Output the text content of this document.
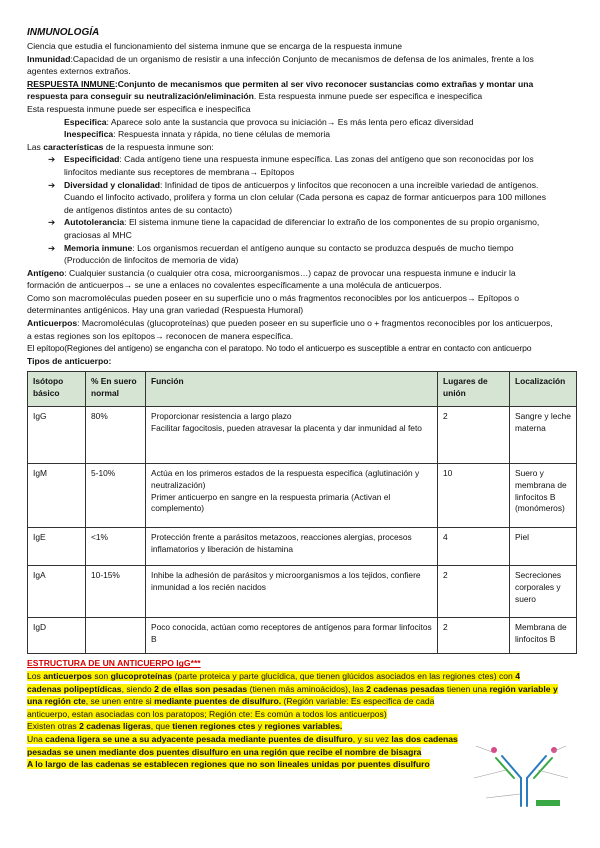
INMUNOLOGÍA
Ciencia que estudia el funcionamiento del sistema inmune que se encarga de la respuesta inmune
Inmunidad:Capacidad de un organismo de resistir a una infección Conjunto de mecanismos de defensa de los animales, frente a los
agentes externos extraños.
RESPUESTA INMUNE:Conjunto de mecanismos que permiten al ser vivo reconocer sustancias como extrañas y montar una
respuesta para conseguir su neutralización/eliminación. Esta respuesta inmune puede ser especifica e inespecifica
Esta respuesta inmune puede ser especifica e inespecifica
Especifica: Aparece solo ante la sustancia que provoca su iniciación→ Es más lenta pero eficaz diversidad
Inespecifica: Respuesta innata y rápida, no tiene células de memoria
Las características de la respuesta inmune son:
➔ Especificidad: Cada antígeno tiene una respuesta inmune específica. Las zonas del antígeno que son reconocidas por los
linfocitos mediante sus receptores de membrana→ Epítopos
➔ Diversidad y clonalidad: Infinidad de tipos de anticuerpos y linfocitos que reconocen a una increible variedad de antígenos.
Cuando el linfocito activado, prolifera y forma un clon celular (Cada persona es capaz de formar anticuerpos para 100 millones
de antígenos distintos antes de su contacto)
➔ Autotolerancia: El sistema inmune tiene la capacidad de diferenciar lo extraño de los componentes de su propio organismo,
graciosas al MHC
➔ Memoria inmune: Los organismos recuerdan el antígeno aunque su contacto se produzca después de mucho tiempo
(Producción de linfocitos de memoria de vida)
Antígeno: Cualquier sustancia (o cualquier otra cosa, microorganismos…) capaz de provocar una respuesta inmune e inducir la
formación de anticuerpos→ se une a enlaces no covalentes específicamente a una molécula de anticuerpos.
Como son macromoléculas pueden poseer en su superficie uno o más fragmentos reconocibles por los anticuerpos→ Epítopos o
determinantes antigénicos. Hay una gran variedad (Respuesta Humoral)
Anticuerpos: Macromoléculas (glucoproteínas) que pueden poseer en su superficie uno o + fragmentos reconocibles por los anticuerpos,
a estas regiones son los epítopos→ reconocen de manera específica.
El epítopo(Regiones del antígeno) se engancha con el paratopo. No todo el anticuerpo es susceptible a entrar en contacto con anticuerpo
Tipos de anticuerpo:
Isótopo básico	% En suero normal	Función	Lugares de unión	Localización
IgG	80%	Proporcionar resistencia a largo plazo
Facilitar fagocitosis, pueden atravesar la placenta y dar inmunidad al feto	2	Sangre y leche materna
IgM	5-10%	Actúa en los primeros estados de la respuesta especifica (aglutinación y neutralización)
Primer anticuerpo en sangre en la respuesta primaria (Activan el complemento)	10	Suero y membrana de linfocitos B (monómeros)
IgE	<1%	Protección frente a parásitos metazoos, reacciones alergias, procesos inflamatorios y liberación de histamina	4	Piel
IgA	10-15%	Inhibe la adhesión de parásitos y microorganismos a los tejidos, confiere inmunidad a los recién nacidos	2	Secreciones corporales y suero
IgD		Poco conocida, actúan como receptores de antígenos para formar linfocitos B	2	Membrana de linfocitos B
ESTRUCTURA DE UN ANTICUERPO IgG***
Los anticuerpos son glucoproteínas (parte proteica y parte glucídica, que tienen glúcidos asociados en las regiones ctes) con 4
cadenas polipeptídicas, siendo 2 de ellas son pesadas (tienen más aminoácidos), las 2 cadenas pesadas tienen una región variable y
una región cte, se unen entre si mediante puentes de disulfuro. (Región variable: Es especifica de cada
anticuerpo, estan asociadas con los paratopos; Región cte: Es común a todos los anticuerpos)
Existen otras 2 cadenas ligeras, que tienen regiones ctes y regiones variables.
Una cadena ligera se une a su adyacente pesada mediante puentes de disulfuro, y su vez las dos cadenas
pesadas se unen mediante dos puentes disulfuro en una región que recibe el nombre de bisagra
A lo largo de las cadenas se establecen regiones que no son lineales unidas por puentes disulfuro
